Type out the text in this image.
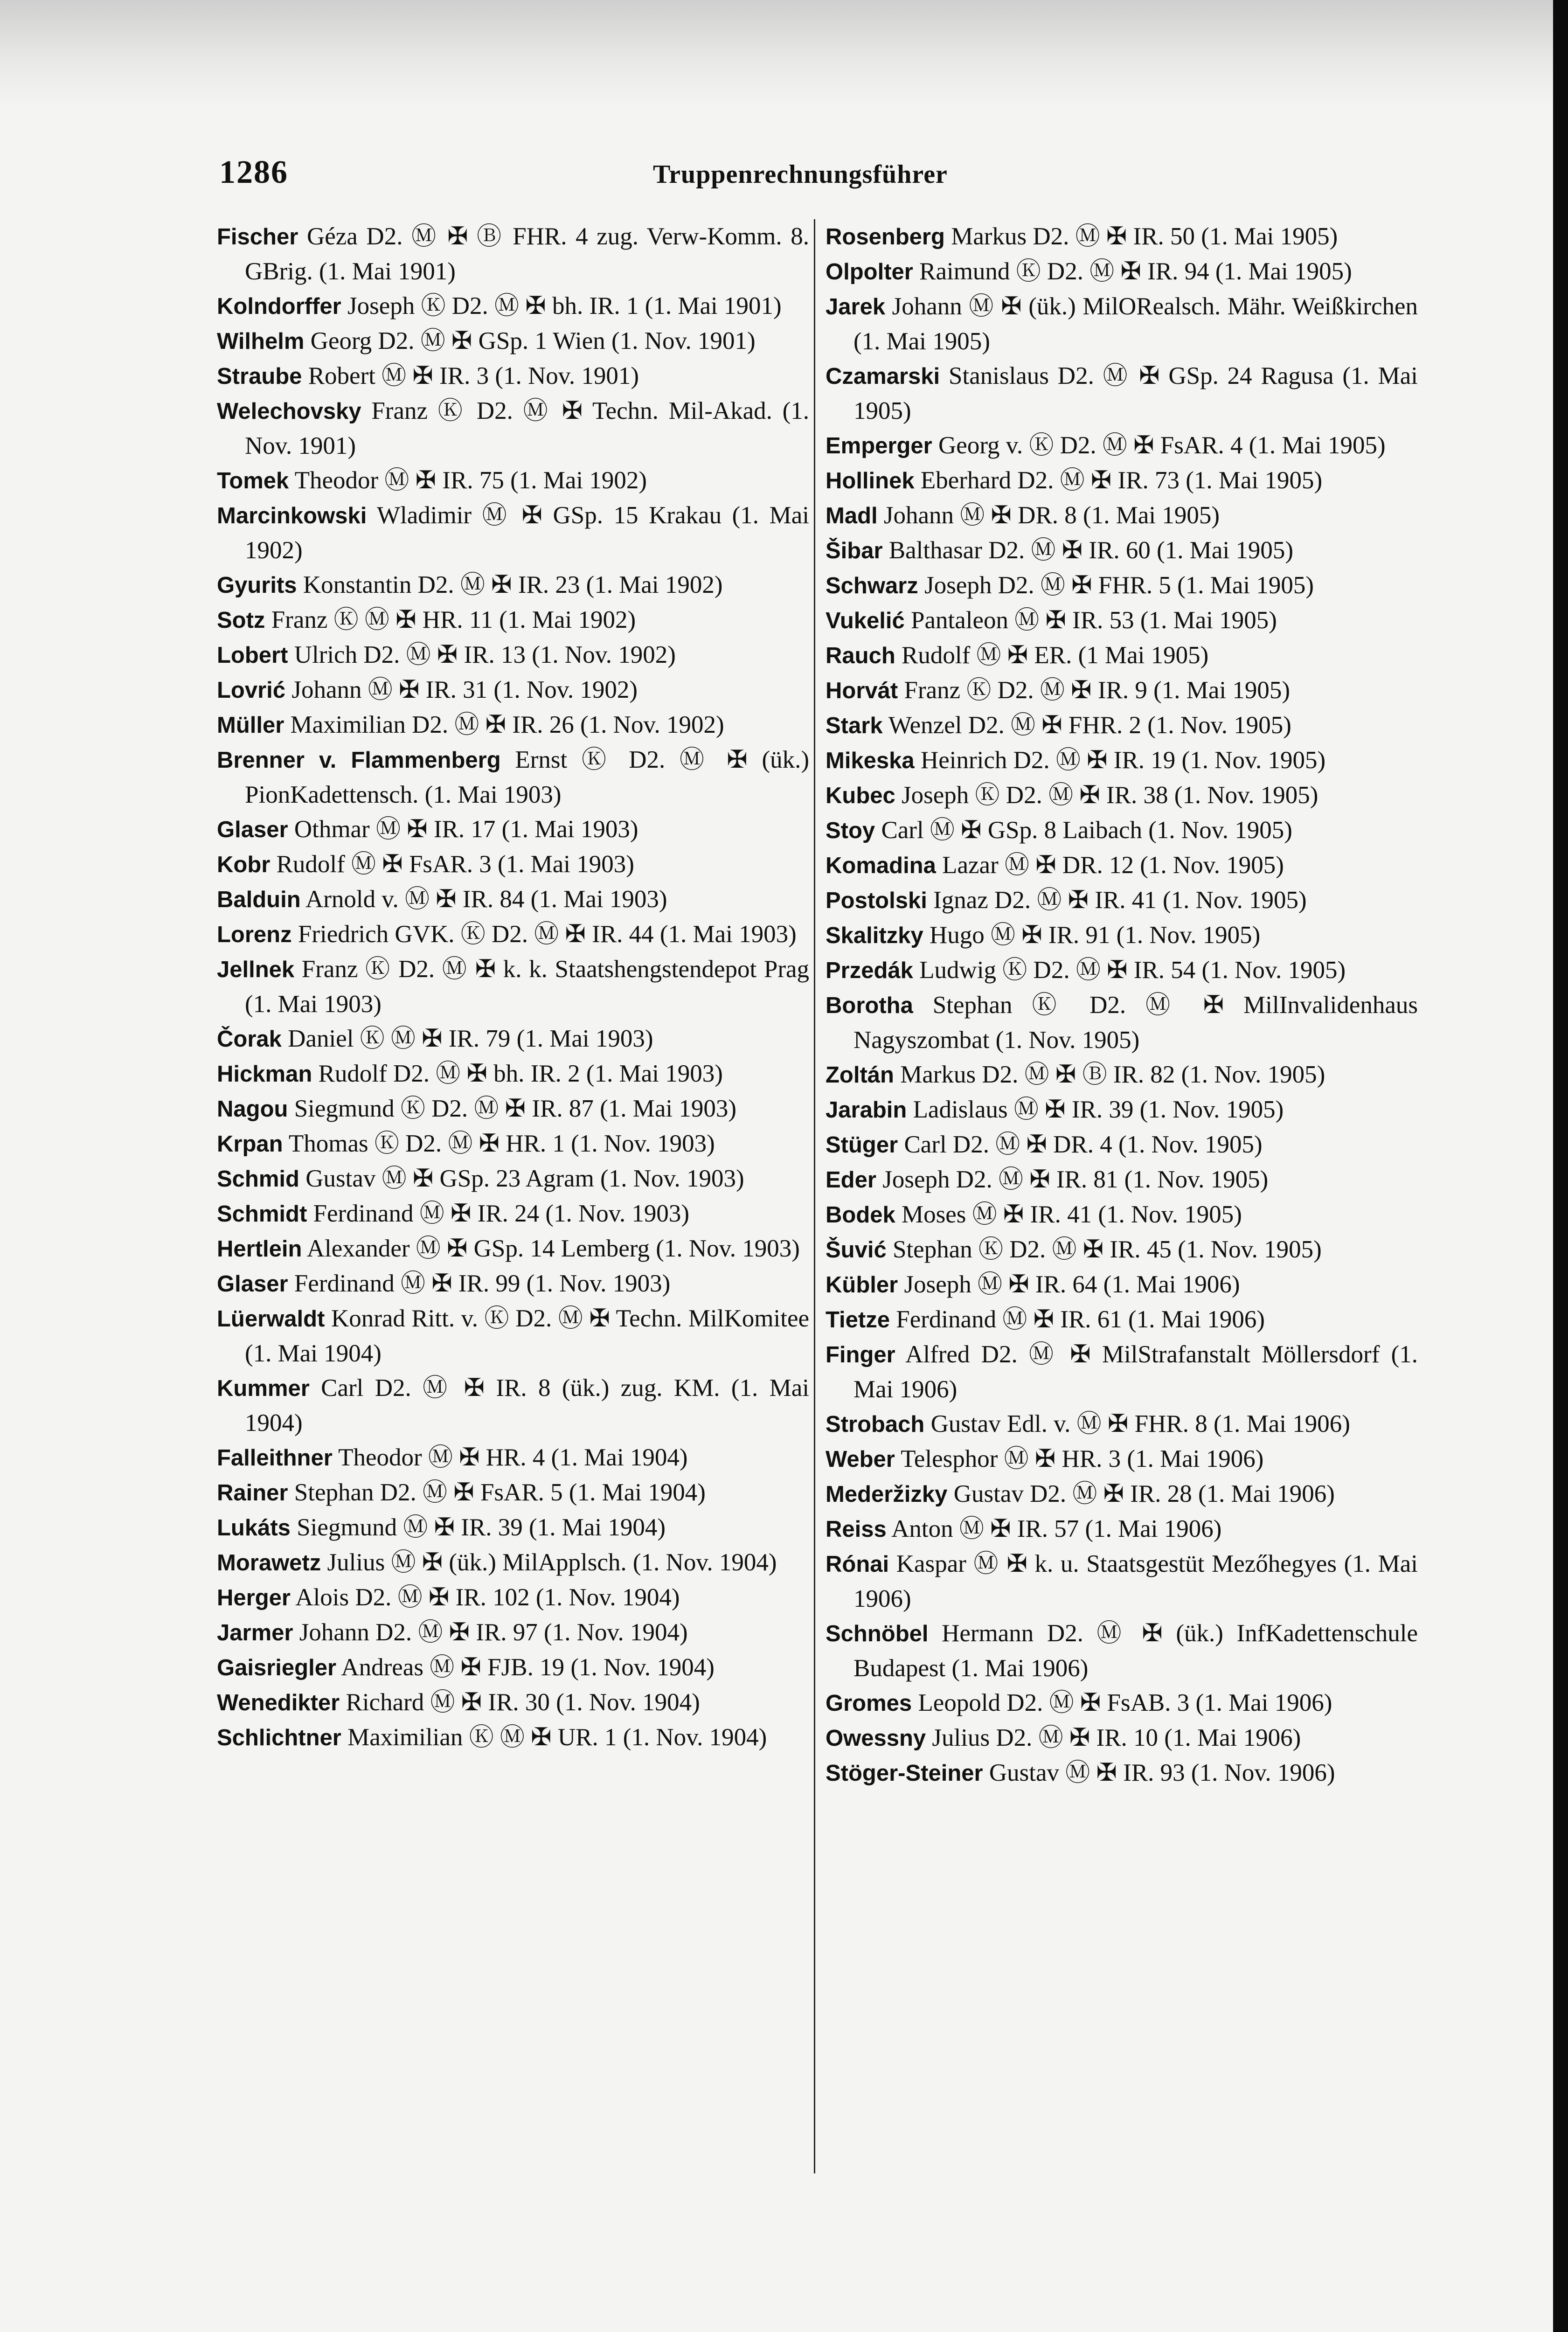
1286	Truppenrechnungsführer
Fischer Géza D2. Ⓜ ✠ Ⓑ FHR. 4 zug. Verw-Komm. 8. GBrig. (1. Mai 1901)
Kolndorffer Joseph Ⓚ D2. Ⓜ ✠ bh. IR. 1 (1. Mai 1901)
Wilhelm Georg D2. Ⓜ ✠ GSp. 1 Wien (1. Nov. 1901)
Straube Robert Ⓜ ✠ IR. 3 (1. Nov. 1901)
Welechovsky Franz Ⓚ D2. Ⓜ ✠ Techn. Mil-Akad. (1. Nov. 1901)
Tomek Theodor Ⓜ ✠ IR. 75 (1. Mai 1902)
Marcinkowski Wladimir Ⓜ ✠ GSp. 15 Krakau (1. Mai 1902)
Gyurits Konstantin D2. Ⓜ ✠ IR. 23 (1. Mai 1902)
Sotz Franz Ⓚ Ⓜ ✠ HR. 11 (1. Mai 1902)
Lobert Ulrich D2. Ⓜ ✠ IR. 13 (1. Nov. 1902)
Lovrić Johann Ⓜ ✠ IR. 31 (1. Nov. 1902)
Müller Maximilian D2. Ⓜ ✠ IR. 26 (1. Nov. 1902)
Brenner v. Flammenberg Ernst Ⓚ D2. Ⓜ ✠ (ük.) PionKadettensch. (1. Mai 1903)
Glaser Othmar Ⓜ ✠ IR. 17 (1. Mai 1903)
Kobr Rudolf Ⓜ ✠ FsAR. 3 (1. Mai 1903)
Balduin Arnold v. Ⓜ ✠ IR. 84 (1. Mai 1903)
Lorenz Friedrich GVK. Ⓚ D2. Ⓜ ✠ IR. 44 (1. Mai 1903)
Jellnek Franz Ⓚ D2. Ⓜ ✠ k. k. Staatshengstendepot Prag (1. Mai 1903)
Čorak Daniel Ⓚ Ⓜ ✠ IR. 79 (1. Mai 1903)
Hickman Rudolf D2. Ⓜ ✠ bh. IR. 2 (1. Mai 1903)
Nagou Siegmund Ⓚ D2. Ⓜ ✠ IR. 87 (1. Mai 1903)
Krpan Thomas Ⓚ D2. Ⓜ ✠ HR. 1 (1. Nov. 1903)
Schmid Gustav Ⓜ ✠ GSp. 23 Agram (1. Nov. 1903)
Schmidt Ferdinand Ⓜ ✠ IR. 24 (1. Nov. 1903)
Hertlein Alexander Ⓜ ✠ GSp. 14 Lemberg (1. Nov. 1903)
Glaser Ferdinand Ⓜ ✠ IR. 99 (1. Nov. 1903)
Lüerwaldt Konrad Ritt. v. Ⓚ D2. Ⓜ ✠ Techn. MilKomitee (1. Mai 1904)
Kummer Carl D2. Ⓜ ✠ IR. 8 (ük.) zug. KM. (1. Mai 1904)
Falleithner Theodor Ⓜ ✠ HR. 4 (1. Mai 1904)
Rainer Stephan D2. Ⓜ ✠ FsAR. 5 (1. Mai 1904)
Lukáts Siegmund Ⓜ ✠ IR. 39 (1. Mai 1904)
Morawetz Julius Ⓜ ✠ (ük.) MilApplsch. (1. Nov. 1904)
Herger Alois D2. Ⓜ ✠ IR. 102 (1. Nov. 1904)
Jarmer Johann D2. Ⓜ ✠ IR. 97 (1. Nov. 1904)
Gaisriegler Andreas Ⓜ ✠ FJB. 19 (1. Nov. 1904)
Wenedikter Richard Ⓜ ✠ IR. 30 (1. Nov. 1904)
Schlichtner Maximilian Ⓚ Ⓜ ✠ UR. 1 (1. Nov. 1904)
Rosenberg Markus D2. Ⓜ ✠ IR. 50 (1. Mai 1905)
Olpolter Raimund Ⓚ D2. Ⓜ ✠ IR. 94 (1. Mai 1905)
Jarek Johann Ⓜ ✠ (ük.) MilORealsch. Mähr. Weißkirchen (1. Mai 1905)
Czamarski Stanislaus D2. Ⓜ ✠ GSp. 24 Ragusa (1. Mai 1905)
Emperger Georg v. Ⓚ D2. Ⓜ ✠ FsAR. 4 (1. Mai 1905)
Hollinek Eberhard D2. Ⓜ ✠ IR. 73 (1. Mai 1905)
Madl Johann Ⓜ ✠ DR. 8 (1. Mai 1905)
Šibar Balthasar D2. Ⓜ ✠ IR. 60 (1. Mai 1905)
Schwarz Joseph D2. Ⓜ ✠ FHR. 5 (1. Mai 1905)
Vukelić Pantaleon Ⓜ ✠ IR. 53 (1. Mai 1905)
Rauch Rudolf Ⓜ ✠ ER. (1 Mai 1905)
Horvát Franz Ⓚ D2. Ⓜ ✠ IR. 9 (1. Mai 1905)
Stark Wenzel D2. Ⓜ ✠ FHR. 2 (1. Nov. 1905)
Mikeska Heinrich D2. Ⓜ ✠ IR. 19 (1. Nov. 1905)
Kubec Joseph Ⓚ D2. Ⓜ ✠ IR. 38 (1. Nov. 1905)
Stoy Carl Ⓜ ✠ GSp. 8 Laibach (1. Nov. 1905)
Komadina Lazar Ⓜ ✠ DR. 12 (1. Nov. 1905)
Postolski Ignaz D2. Ⓜ ✠ IR. 41 (1. Nov. 1905)
Skalitzky Hugo Ⓜ ✠ IR. 91 (1. Nov. 1905)
Przedák Ludwig Ⓚ D2. Ⓜ ✠ IR. 54 (1. Nov. 1905)
Borotha Stephan Ⓚ D2. Ⓜ ✠ MilInvalidenhaus Nagyszombat (1. Nov. 1905)
Zoltán Markus D2. Ⓜ ✠ Ⓑ IR. 82 (1. Nov. 1905)
Jarabin Ladislaus Ⓜ ✠ IR. 39 (1. Nov. 1905)
Stüger Carl D2. Ⓜ ✠ DR. 4 (1. Nov. 1905)
Eder Joseph D2. Ⓜ ✠ IR. 81 (1. Nov. 1905)
Bodek Moses Ⓜ ✠ IR. 41 (1. Nov. 1905)
Šuvić Stephan Ⓚ D2. Ⓜ ✠ IR. 45 (1. Nov. 1905)
Kübler Joseph Ⓜ ✠ IR. 64 (1. Mai 1906)
Tietze Ferdinand Ⓜ ✠ IR. 61 (1. Mai 1906)
Finger Alfred D2. Ⓜ ✠ MilStrafanstalt Möllersdorf (1. Mai 1906)
Strobach Gustav Edl. v. Ⓜ ✠ FHR. 8 (1. Mai 1906)
Weber Telesphor Ⓜ ✠ HR. 3 (1. Mai 1906)
Mederžizky Gustav D2. Ⓜ ✠ IR. 28 (1. Mai 1906)
Reiss Anton Ⓜ ✠ IR. 57 (1. Mai 1906)
Rónai Kaspar Ⓜ ✠ k. u. Staatsgestüt Mezőhegyes (1. Mai 1906)
Schnöbel Hermann D2. Ⓜ ✠ (ük.) InfKadettenschule Budapest (1. Mai 1906)
Gromes Leopold D2. Ⓜ ✠ FsAB. 3 (1. Mai 1906)
Owessny Julius D2. Ⓜ ✠ IR. 10 (1. Mai 1906)
Stöger-Steiner Gustav Ⓜ ✠ IR. 93 (1. Nov. 1906)
